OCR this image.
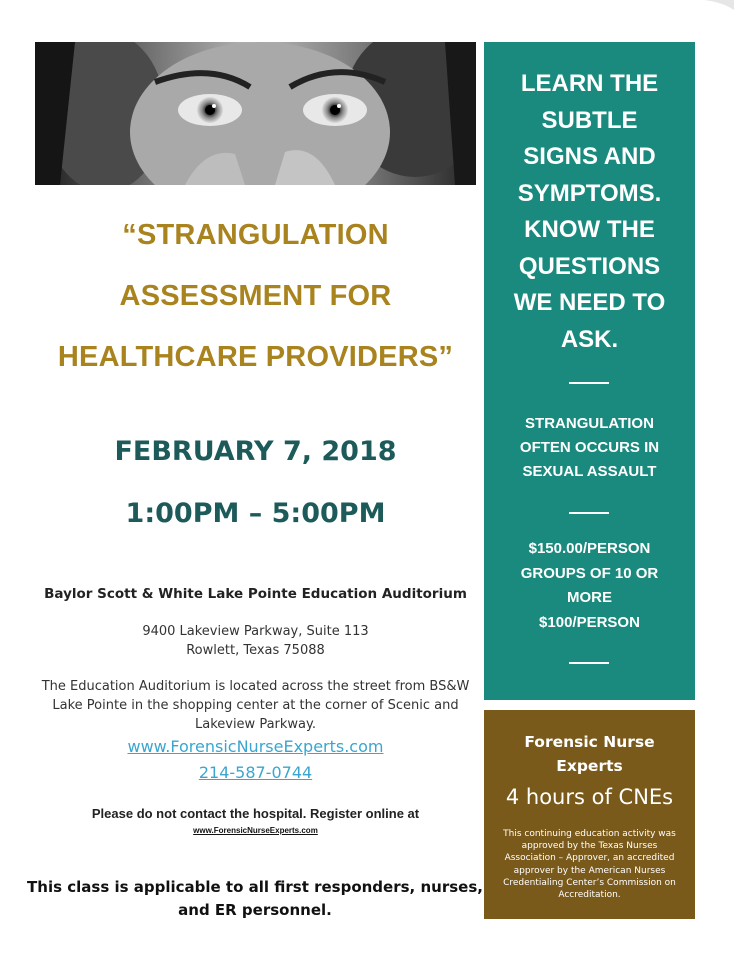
“STRANGULATION
ASSESSMENT FOR
HEALTHCARE PROVIDERS”
FEBRUARY 7, 2018
1:00PM – 5:00PM
Baylor Scott & White Lake Pointe Education Auditorium
9400 Lakeview Parkway, Suite 113
Rowlett, Texas 75088
The Education Auditorium is located across the street from BS&W
Lake Pointe in the shopping center at the corner of Scenic and
Lakeview Parkway.
www.ForensicNurseExperts.com
214-587-0744
Please do not contact the hospital. Register online at
www.ForensicNurseExperts.com
This class is applicable to all first responders, nurses,
and ER personnel.
LEARN THE
SUBTLE
SIGNS AND
SYMPTOMS.
KNOW THE
QUESTIONS
WE NEED TO
ASK.
STRANGULATION
OFTEN OCCURS IN
SEXUAL ASSAULT
$150.00/PERSON
GROUPS OF 10 OR
MORE
$100/PERSON
Forensic Nurse
Experts
4 hours of CNEs
This continuing education activity was
approved by the Texas Nurses
Association – Approver, an accredited
approver by the American Nurses
Credentialing Center’s Commission on
Accreditation.
